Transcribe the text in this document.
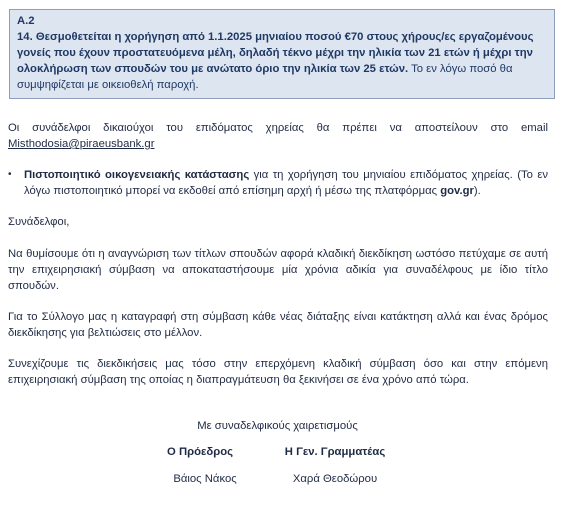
Α.2
14. Θεσμοθετείται η χορήγηση από 1.1.2025 μηνιαίου ποσού €70 στους χήρους/ες εργαζομένους γονείς που έχουν προστατευόμενα μέλη, δηλαδή τέκνο μέχρι την ηλικία των 21 ετών ή μέχρι την ολοκλήρωση των σπουδών του με ανώτατο όριο την ηλικία των 25 ετών. Το εν λόγω ποσό θα συμψηφίζεται με οικειοθελή παροχή.
Οι συνάδελφοι δικαιούχοι του επιδόματος χηρείας θα πρέπει να αποστείλουν στο email Misthodosia@piraeusbank.gr
•	Πιστοποιητικό οικογενειακής κατάστασης για τη χορήγηση του μηνιαίου επιδόματος χηρείας. (Το εν λόγω πιστοποιητικό μπορεί να εκδοθεί από επίσημη αρχή ή μέσω της πλατφόρμας gov.gr).
Συνάδελφοι,
Να θυμίσουμε ότι η αναγνώριση των τίτλων σπουδών αφορά κλαδική διεκδίκηση ωστόσο πετύχαμε σε αυτή την επιχειρησιακή σύμβαση να αποκαταστήσουμε μία χρόνια αδικία για συναδέλφους με ίδιο τίτλο σπουδών.
Για το Σύλλογο μας η καταγραφή στη σύμβαση κάθε νέας διάταξης είναι κατάκτηση αλλά και ένας δρόμος διεκδίκησης για βελτιώσεις στο μέλλον.
Συνεχίζουμε τις διεκδικήσεις μας τόσο στην επερχόμενη κλαδική σύμβαση όσο και στην επόμενη επιχειρησιακή σύμβαση της οποίας η διαπραγμάτευση θα ξεκινήσει σε ένα χρόνο από τώρα.
Με συναδελφικούς χαιρετισμούς
Ο Πρόεδρος	Η Γεν. Γραμματέας
Βάιος Νάκος	Χαρά Θεοδώρου
